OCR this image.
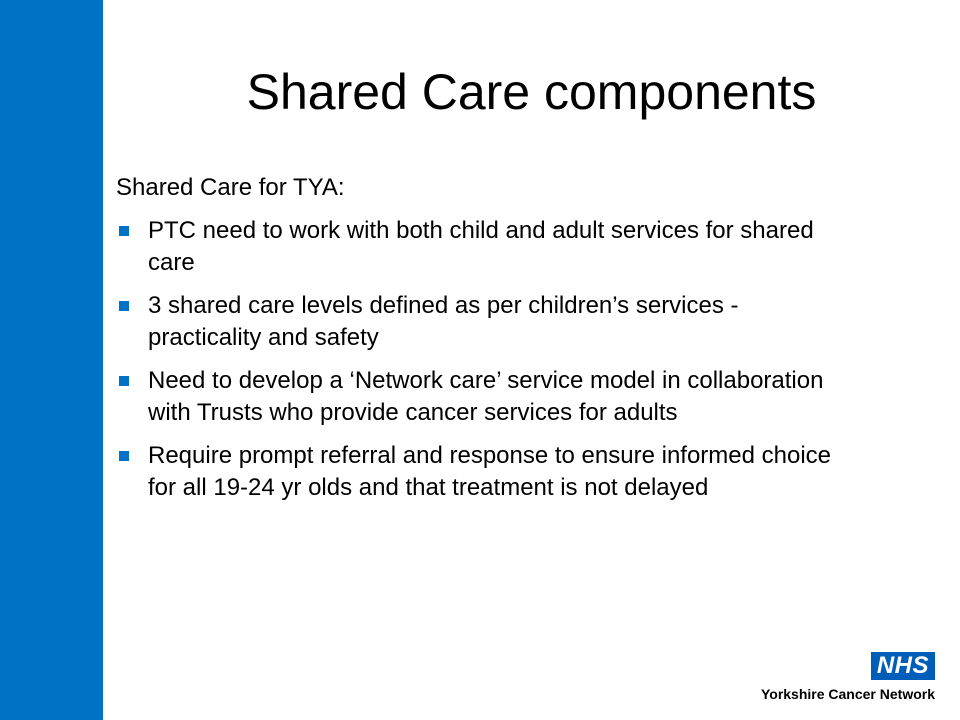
Shared Care components

Shared Care for TYA:

PTC need to work with both child and adult services for shared care
3 shared care levels defined as per children’s services - practicality and safety
Need to develop a ‘Network care’ service model in collaboration with Trusts who provide cancer services for adults
Require prompt referral and response to ensure informed choice for all 19-24 yr olds and that treatment is not delayed
NHS
Yorkshire Cancer Network
